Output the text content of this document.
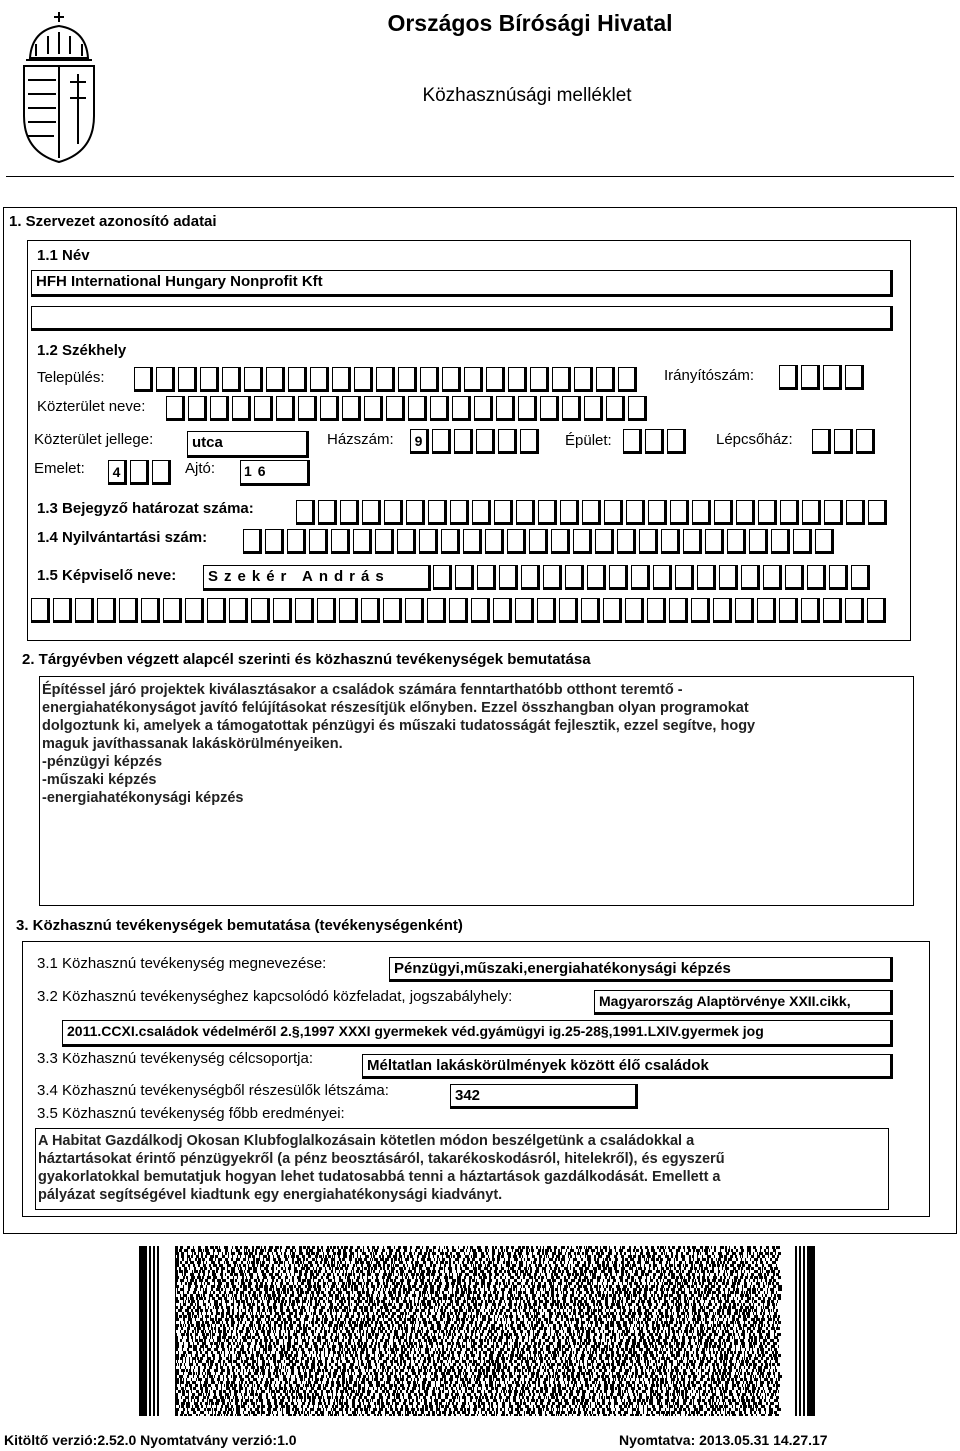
Országos Bírósági Hivatal
Közhasznúsági melléklet
1. Szervezet azonosító adatai
1.1 Név
HFH International Hungary Nonprofit Kft
1.2 Székhely
Település:	Irányítószám:
Közterület neve:
Közterület jellege:	utca	Házszám:	9	Épület:	Lépcsőház:
Emelet:	4	Ajtó: 16
1.3 Bejegyző határozat száma:
1.4 Nyilvántartási szám:
1.5 Képviselő neve:	Szekér András
2. Tárgyévben végzett alapcél szerinti és közhasznú tevékenységek bemutatása
Építéssel járó projektek kiválasztásakor a családok számára fenntarthatóbb otthont teremtő -
energiahatékonyságot javító felújításokat részesítjük előnyben. Ezzel összhangban olyan programokat
dolgoztunk ki, amelyek a támogatottak pénzügyi és műszaki tudatosságát fejlesztik, ezzel segítve, hogy
maguk javíthassanak lakáskörülményeiken.
-pénzügyi képzés
-műszaki képzés
-energiahatékonysági képzés
3. Közhasznú tevékenységek bemutatása (tevékenységenként)
3.1 Közhasznú tevékenység megnevezése:	Pénzügyi,műszaki,energiahatékonysági képzés
3.2 Közhasznú tevékenységhez kapcsolódó közfeladat, jogszabályhely:	Magyarország Alaptörvénye XXII.cikk,
2011.CCXI.családok védelméről 2.§,1997 XXXI gyermekek véd.gyámügyi ig.25-28§,1991.LXIV.gyermek jog
3.3 Közhasznú tevékenység célcsoportja:	Méltatlan lakáskörülmények között élő családok
3.4 Közhasznú tevékenységből részesülők létszáma:	342
3.5 Közhasznú tevékenység főbb eredményei:
A Habitat Gazdálkodj Okosan Klubfoglalkozásain kötetlen módon beszélgetünk a családokkal a
háztartásokat érintő pénzügyekről (a pénz beosztásáról, takarékoskodásról, hitelekről), és egyszerű
gyakorlatokkal bemutatjuk hogyan lehet tudatosabbá tenni a háztartások gazdálkodását. Emellett a
pályázat segítségével kiadtunk egy energiahatékonysági kiadványt.
Kitöltő verzió:2.52.0 Nyomtatvány verzió:1.0	Nyomtatva: 2013.05.31 14.27.17
